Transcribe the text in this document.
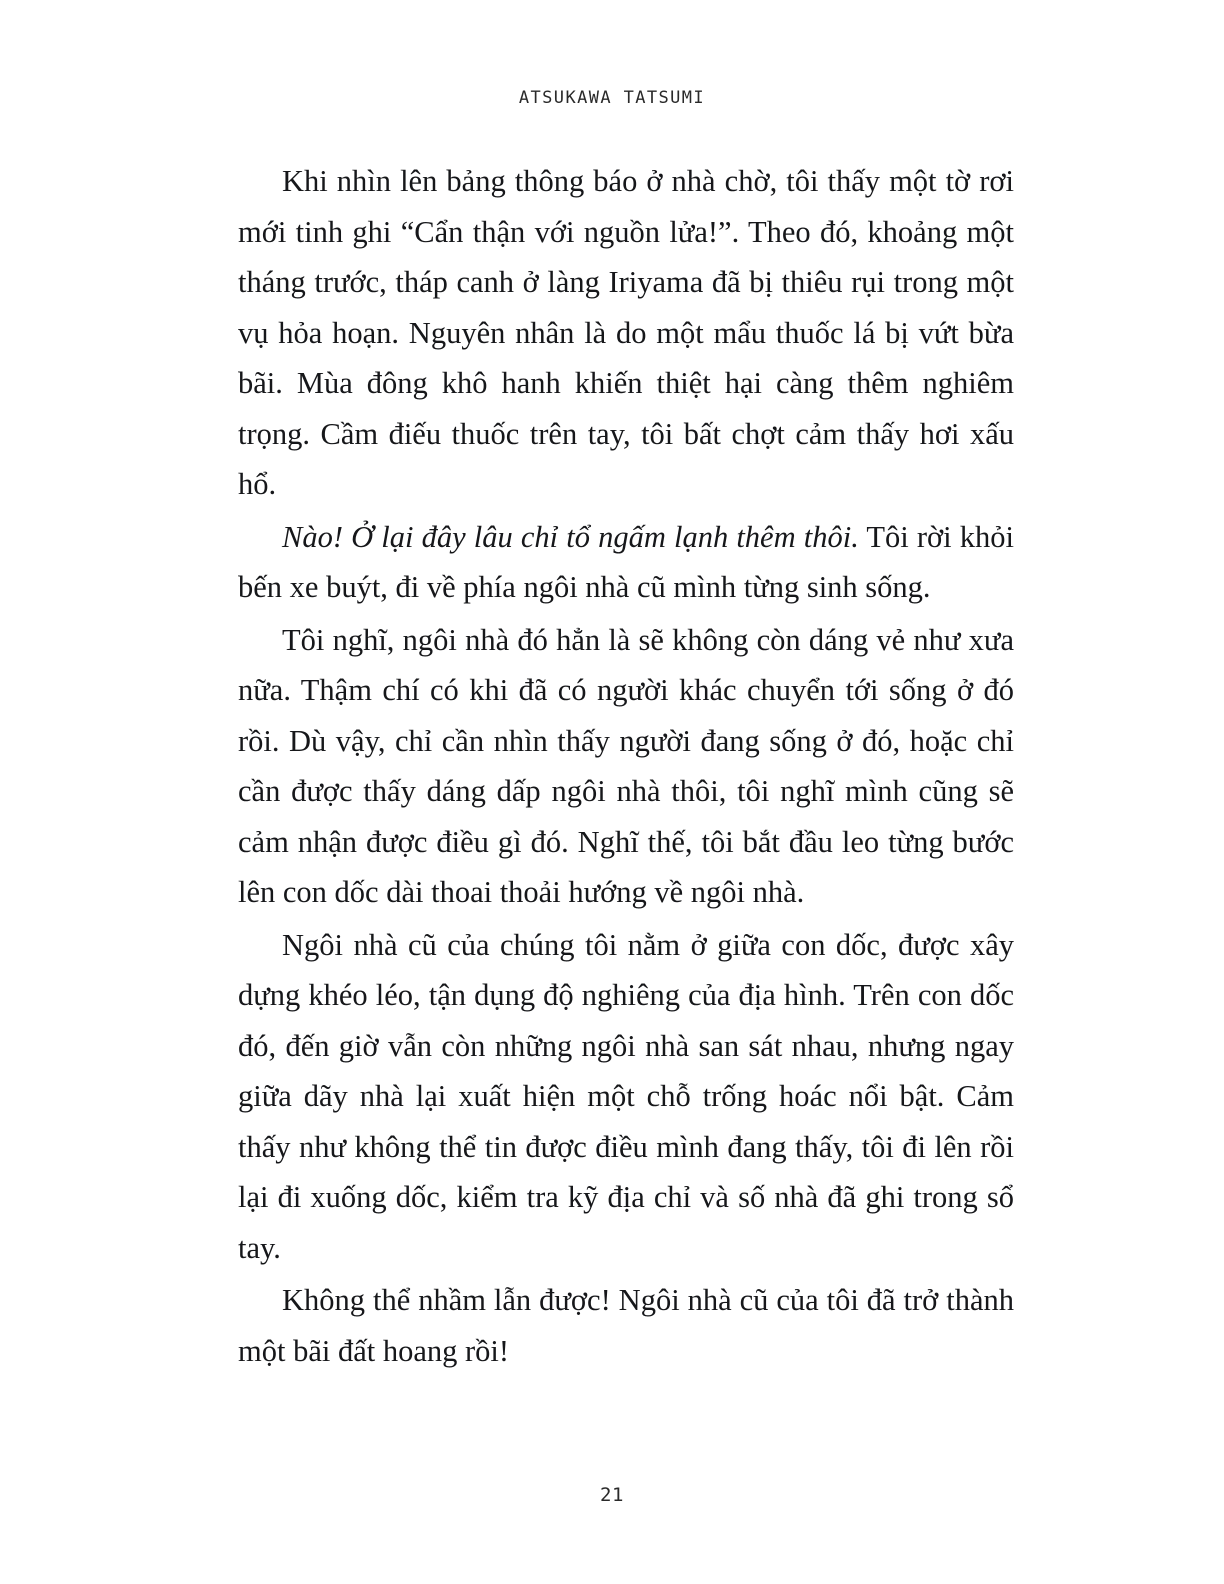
ATSUKAWA TATSUMI

Khi nhìn lên bảng thông báo ở nhà chờ, tôi thấy một tờ rơi mới tinh ghi “Cẩn thận với nguồn lửa!”. Theo đó, khoảng một tháng trước, tháp canh ở làng Iriyama đã bị thiêu rụi trong một vụ hỏa hoạn. Nguyên nhân là do một mẩu thuốc lá bị vứt bừa bãi. Mùa đông khô hanh khiến thiệt hại càng thêm nghiêm trọng. Cầm điếu thuốc trên tay, tôi bất chợt cảm thấy hơi xấu hổ.

Nào! Ở lại đây lâu chỉ tổ ngấm lạnh thêm thôi. Tôi rời khỏi bến xe buýt, đi về phía ngôi nhà cũ mình từng sinh sống.

Tôi nghĩ, ngôi nhà đó hẳn là sẽ không còn dáng vẻ như xưa nữa. Thậm chí có khi đã có người khác chuyển tới sống ở đó rồi. Dù vậy, chỉ cần nhìn thấy người đang sống ở đó, hoặc chỉ cần được thấy dáng dấp ngôi nhà thôi, tôi nghĩ mình cũng sẽ cảm nhận được điều gì đó. Nghĩ thế, tôi bắt đầu leo từng bước lên con dốc dài thoai thoải hướng về ngôi nhà.

Ngôi nhà cũ của chúng tôi nằm ở giữa con dốc, được xây dựng khéo léo, tận dụng độ nghiêng của địa hình. Trên con dốc đó, đến giờ vẫn còn những ngôi nhà san sát nhau, nhưng ngay giữa dãy nhà lại xuất hiện một chỗ trống hoác nổi bật. Cảm thấy như không thể tin được điều mình đang thấy, tôi đi lên rồi lại đi xuống dốc, kiểm tra kỹ địa chỉ và số nhà đã ghi trong sổ tay.

Không thể nhầm lẫn được! Ngôi nhà cũ của tôi đã trở thành một bãi đất hoang rồi!

21
